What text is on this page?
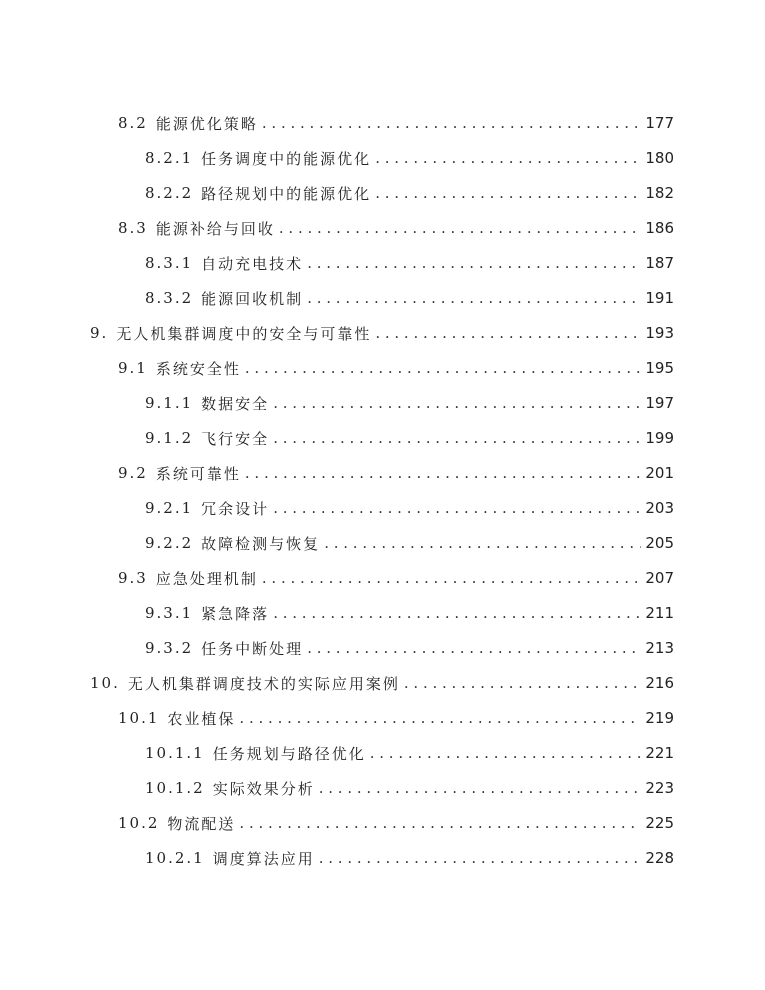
8.2 能源优化策略 . . .	177
8.2.1 任务调度中的能源优化 . . .	180
8.2.2 路径规划中的能源优化 . . .	182
8.3 能源补给与回收 . . .	186
8.3.1 自动充电技术 . . .	187
8.3.2 能源回收机制 . . .	191
9. 无人机集群调度中的安全与可靠性 . . .	193
9.1 系统安全性 . . .	195
9.1.1 数据安全 . . .	197
9.1.2 飞行安全 . . .	199
9.2 系统可靠性 . . .	201
9.2.1 冗余设计 . . .	203
9.2.2 故障检测与恢复 . . .	205
9.3 应急处理机制 . . .	207
9.3.1 紧急降落 . . .	211
9.3.2 任务中断处理 . . .	213
10. 无人机集群调度技术的实际应用案例 . . .	216
10.1 农业植保 . . .	219
10.1.1 任务规划与路径优化 . . .	221
10.1.2 实际效果分析 . . .	223
10.2 物流配送 . . .	225
10.2.1 调度算法应用 . . .	228
